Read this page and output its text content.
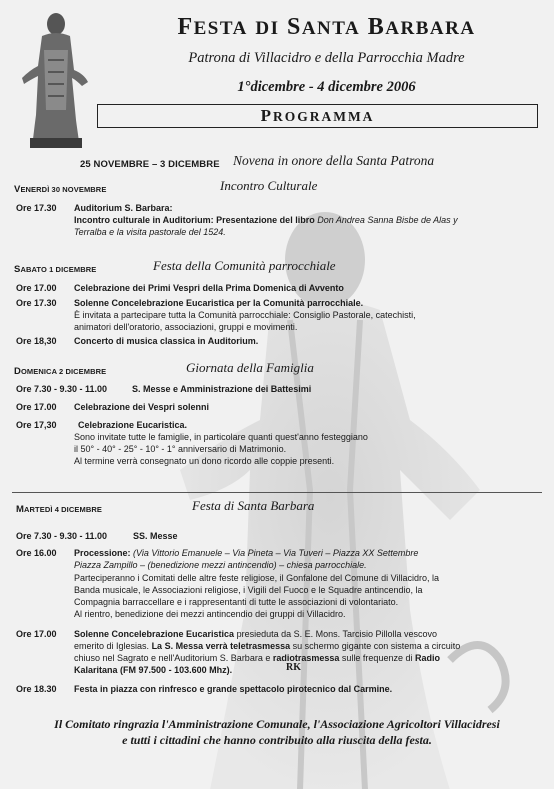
FESTA DI SANTA BARBARA
Patrona di Villacidro e della Parrocchia Madre
1°dicembre - 4 dicembre 2006
PROGRAMMA
25 NOVEMBRE – 3 DICEMBRE Novena in onore della Santa Patrona
VENERDÌ 30 NOVEMBRE	Incontro Culturale
Ore 17.30 Auditorium S. Barbara:
Incontro culturale in Auditorium: Presentazione del libro Don Andrea Sanna Bisbe de Alas y
Terralba e la visita pastorale del 1524.
SABATO 1 DICEMBRE	Festa della Comunità parrocchiale
Ore 17.00 Celebrazione dei Primi Vespri della Prima Domenica di Avvento
Ore 17.30 Solenne Concelebrazione Eucaristica per la Comunità parrocchiale.
È invitata a partecipare tutta la Comunità parrocchiale: Consiglio Pastorale, catechisti,
animatori dell'oratorio, associazioni, gruppi e movimenti.
Ore 18,30 Concerto di musica classica in Auditorium.
DOMENICA 2 DICEMBRE	Giornata della Famiglia
Ore 7.30 - 9.30 - 11.00	S. Messe e Amministrazione dei Battesimi
Ore 17.00 Celebrazione dei Vespri solenni
Ore 17,30 Celebrazione Eucaristica.
Sono invitate tutte le famiglie, in particolare quanti quest'anno festeggiano
il 50° - 40° - 25° - 10° - 1° anniversario di Matrimonio.
Al termine verrà consegnato un dono ricordo alle coppie presenti.
MARTEDÌ 4 DICEMBRE	Festa di Santa Barbara
Ore 7.30 - 9.30 - 11.00	SS. Messe
Ore 16.00 Processione: (Via Vittorio Emanuele – Via Pineta – Via Tuveri – Piazza XX Settembre
Piazza Zampillo – (benedizione mezzi antincendio) – chiesa parrocchiale.
Parteciperanno i Comitati delle altre feste religiose, il Gonfalone del Comune di Villacidro, la
Banda musicale, le Associazioni religiose, i Vigili del Fuoco e le Squadre antincendio, la
Compagnia barraccellare e i rappresentanti di tutte le associazioni di volontariato.
Al rientro, benedizione dei mezzi antincendio dei gruppi di Villacidro.
Ore 17.00 Solenne Concelebrazione Eucaristica presieduta da S. E. Mons. Tarcisio Pillolla vescovo
emerito di Iglesias. La S. Messa verrà teletrasmessa su schermo gigante con sistema a circuito
chiuso nel Sagrato e nell'Auditorium S. Barbara e radiotrasmessa sulle frequenze di Radio
Kalaritana (FM 97.500 - 103.600 Mhz).	RK
Ore 18.30 Festa in piazza con rinfresco e grande spettacolo pirotecnico dal Carmine.
Il Comitato ringrazia l'Amministrazione Comunale, l'Associazione Agricoltori Villacidresi
e tutti i cittadini che hanno contribuito alla riuscita della festa.
